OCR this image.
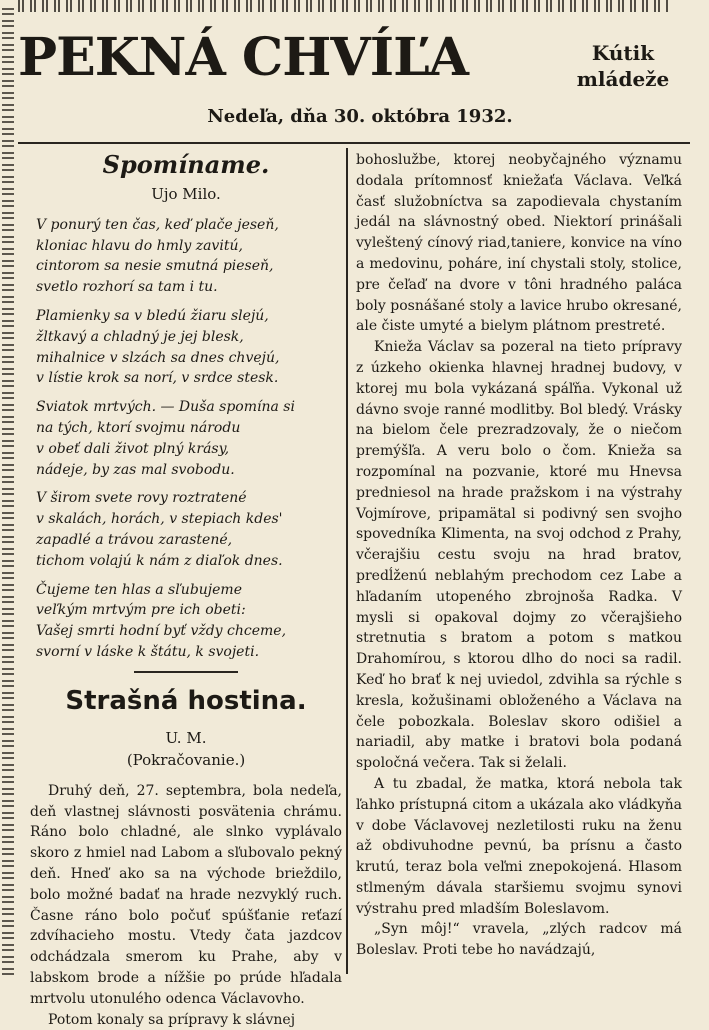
PEKNÁ CHVÍĽA	Kútik
mládeže
Nedeľa, dňa 30. októbra 1932.
Spomíname.
Ujo Milo.
V ponurý ten čas, keď plače jeseň,
kloniac hlavu do hmly zavitú,
cintorom sa nesie smutná pieseň,
svetlo rozhorí sa tam i tu.
Plamienky sa v bledú žiaru slejú,
žltkavý a chladný je jej blesk,
mihalnice v slzách sa dnes chvejú,
v lístie krok sa norí, v srdce stesk.
Sviatok mrtvých. — Duša spomína si
na tých, ktorí svojmu národu
v obeť dali život plný krásy,
nádeje, by zas mal svobodu.
V širom svete rovy roztratené
v skalách, horách, v stepiach kdes'
zapadlé a trávou zarastené,
tichom volajú k nám z diaľok dnes.
Čujeme ten hlas a sľubujeme
veľkým mrtvým pre ich obeti:
Vašej smrti hodní byť vždy chceme,
svorní v láske k štátu, k svojeti.
Strašná hostina.

U. M.

(Pokračovanie.)

Druhý deň, 27. septembra, bola nedeľa, deň vlastnej slávnosti posvätenia chrámu. Ráno bolo chladné, ale slnko vyplávalo skoro z hmiel nad Labom a sľubovalo pekný deň. Hneď ako sa na východe brieždilo, bolo možné badať na hrade nezvyklý ruch. Časne ráno bolo počuť spúšťanie reťazí zdvíhacieho mostu. Vtedy čata jazdcov odchádzala smerom ku Prahe, aby v labskom brode a nížšie po prúde hľadala mrtvolu utonulého odenca Václavovho.

Potom konaly sa prípravy k slávnej

bohoslužbe, ktorej neobyčajného významu dodala prítomnosť kniežaťa Václava. Veľká časť služobníctva sa zapodievala chystaním jedál na slávnostný obed. Niektorí prinášali vyleštený cínový riad,taniere, konvice na víno a medovinu, poháre, iní chystali stoly, stolice, pre čeľaď na dvore v tôni hradného paláca boly posnášané stoly a lavice hrubo okresané, ale čiste umyté a bielym plátnom prestreté.

Knieža Václav sa pozeral na tieto prípravy z úzkeho okienka hlavnej hradnej budovy, v ktorej mu bola vykázaná spáľňa. Vykonal už dávno svoje ranné modlitby. Bol bledý. Vrásky na bielom čele prezradzovaly, že o niečom premýšľa. A veru bolo o čom. Knieža sa rozpomínal na pozvanie, ktoré mu Hnevsa predniesol na hrade pražskom i na výstrahy Vojmírove, pripamätal si podivný sen svojho spovedníka Klimenta, na svoj odchod z Prahy, včerajšiu cestu svoju na hrad bratov, predĺženú neblahým prechodom cez Labe a hľadaním utopeného zbrojnoša Radka. V mysli si opakoval dojmy zo včerajšieho stretnutia s bratom a potom s matkou Drahomírou, s ktorou dlho do noci sa radil. Keď ho brať k nej uviedol, zdvihla sa rýchle s kresla, kožušinami obloženého a Václava na čele pobozkala. Boleslav skoro odišiel a nariadil, aby matke i bratovi bola podaná spoločná večera. Tak si želali.

A tu zbadal, že matka, ktorá nebola tak ľahko prístupná citom a ukázala ako vládkyňa v dobe Václavovej nezletilosti ruku na ženu až obdivuhodne pevnú, ba prísnu a často krutú, teraz bola veľmi znepokojená. Hlasom stlmeným dávala staršiemu svojmu synovi výstrahu pred mladším Boleslavom.

„Syn môj!“ vravela, „zlých radcov má Boleslav. Proti tebe ho navádzajú,
